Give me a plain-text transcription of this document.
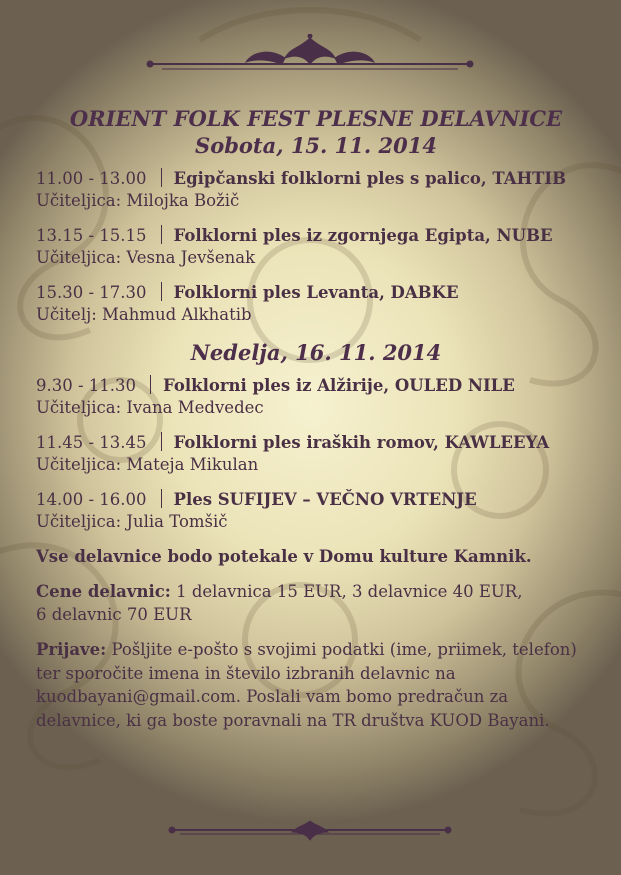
ORIENT FOLK FEST PLESNE DELAVNICE
Sobota, 15. 11. 2014
11.00 - 13.00 Egipčanski folklorni ples s palico, TAHTIB
Učiteljica: Milojka Božič
13.15 - 15.15 Folklorni ples iz zgornjega Egipta, NUBE
Učiteljica: Vesna Jevšenak
15.30 - 17.30 Folklorni ples Levanta, DABKE
Učitelj: Mahmud Alkhatib
Nedelja, 16. 11. 2014
9.30 - 11.30 Folklorni ples iz Alžirije, OULED NILE
Učiteljica: Ivana Medvedec
11.45 - 13.45 Folklorni ples iraških romov, KAWLEEYA
Učiteljica: Mateja Mikulan
14.00 - 16.00 Ples SUFIJEV – VEČNO VRTENJE
Učiteljica: Julia Tomšič
Vse delavnice bodo potekale v Domu kulture Kamnik.
Cene delavnic: 1 delavnica 15 EUR, 3 delavnice 40 EUR,
6 delavnic 70 EUR
Prijave: Pošljite e-pošto s svojimi podatki (ime, priimek, telefon) ter sporočite imena in število izbranih delavnic na kuodbayani@gmail.com. Poslali vam bomo predračun za delavnice, ki ga boste poravnali na TR društva KUOD Bayani.
